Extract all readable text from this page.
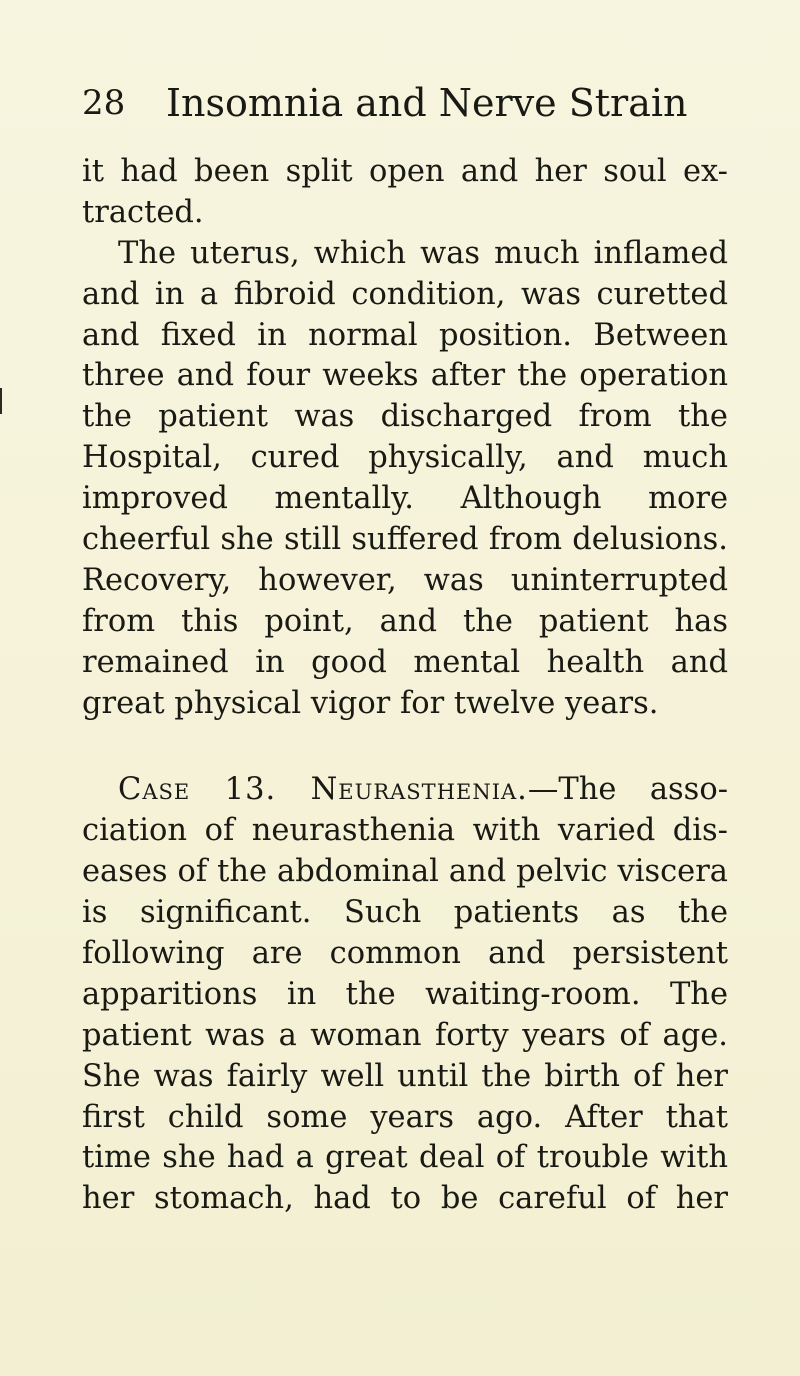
28 Insomnia and Nerve Strain
it had been split open and her soul ex-
tracted.
The uterus, which was much inflamed
and in a fibroid condition, was curetted
and fixed in normal position. Between
three and four weeks after the operation
the patient was discharged from the
Hospital, cured physically, and much
improved mentally. Although more
cheerful she still suffered from delusions.
Recovery, however, was uninterrupted
from this point, and the patient has
remained in good mental health and
great physical vigor for twelve years.
Case 13. Neurasthenia.—The asso-
ciation of neurasthenia with varied dis-
eases of the abdominal and pelvic viscera
is significant. Such patients as the
following are common and persistent
apparitions in the waiting-room. The
patient was a woman forty years of age.
She was fairly well until the birth of her
first child some years ago. After that
time she had a great deal of trouble with
her stomach, had to be careful of her
